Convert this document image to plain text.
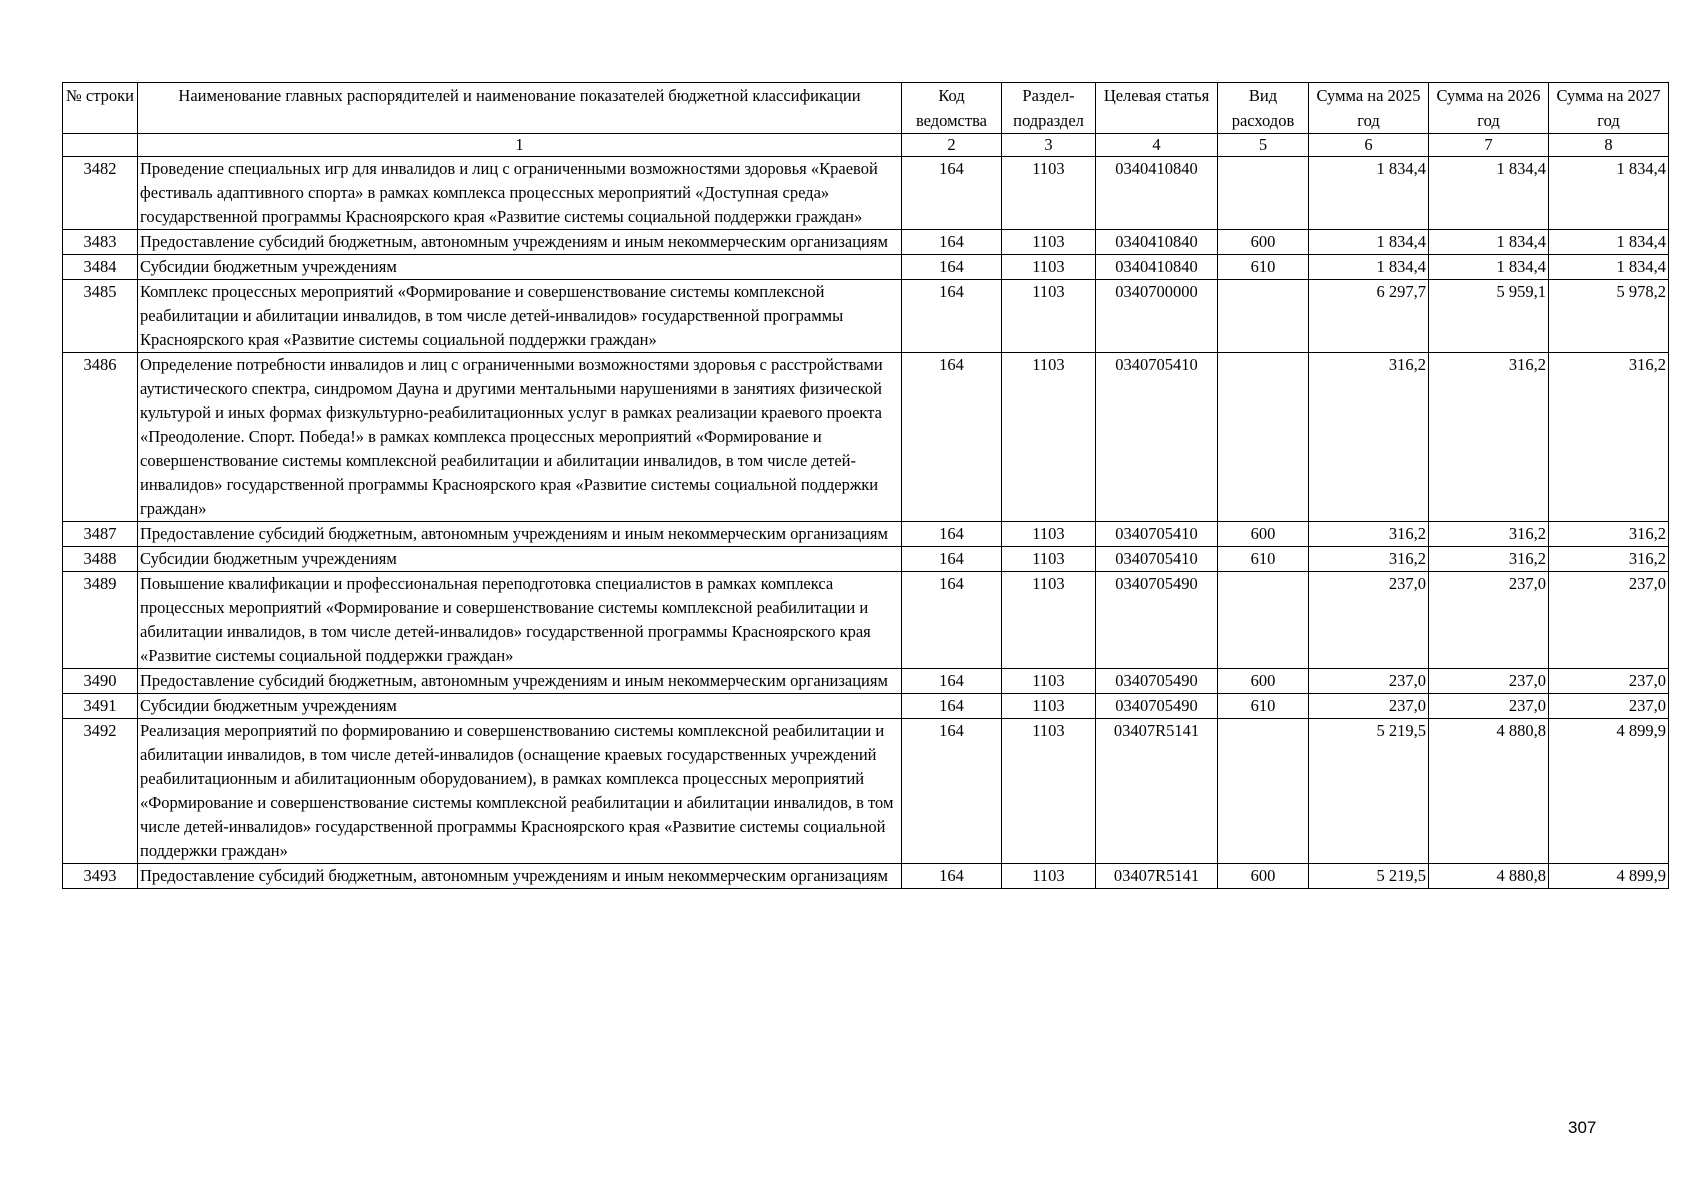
№ строки	Наименование главных распорядителей и наименование показателей бюджетной классификации	Код ведомства	Раздел-подраздел	Целевая статья	Вид расходов	Сумма на 2025 год	Сумма на 2026 год	Сумма на 2027 год
	1	2	3	4	5	6	7	8
3482	Проведение специальных игр для инвалидов и лиц с ограниченными возможностями здоровья «Краевой фестиваль адаптивного спорта» в рамках комплекса процессных мероприятий «Доступная среда» государственной программы Красноярского края «Развитие системы социальной поддержки граждан»	164	1103	0340410840		1 834,4	1 834,4	1 834,4
3483	Предоставление субсидий бюджетным, автономным учреждениям и иным некоммерческим организациям	164	1103	0340410840	600	1 834,4	1 834,4	1 834,4
3484	Субсидии бюджетным учреждениям	164	1103	0340410840	610	1 834,4	1 834,4	1 834,4
3485	Комплекс процессных мероприятий «Формирование и совершенствование системы комплексной реабилитации и абилитации инвалидов, в том числе детей-инвалидов» государственной программы Красноярского края «Развитие системы социальной поддержки граждан»	164	1103	0340700000		6 297,7	5 959,1	5 978,2
3486	Определение потребности инвалидов и лиц с ограниченными возможностями здоровья с расстройствами аутистического спектра, синдромом Дауна и другими ментальными нарушениями в занятиях физической культурой и иных формах физкультурно-реабилитационных услуг в рамках реализации краевого проекта «Преодоление. Спорт. Победа!» в рамках комплекса процессных мероприятий «Формирование и совершенствование системы комплексной реабилитации и абилитации инвалидов, в том числе детей-инвалидов» государственной программы Красноярского края «Развитие системы социальной поддержки граждан»	164	1103	0340705410		316,2	316,2	316,2
3487	Предоставление субсидий бюджетным, автономным учреждениям и иным некоммерческим организациям	164	1103	0340705410	600	316,2	316,2	316,2
3488	Субсидии бюджетным учреждениям	164	1103	0340705410	610	316,2	316,2	316,2
3489	Повышение квалификации и профессиональная переподготовка специалистов в рамках комплекса процессных мероприятий «Формирование и совершенствование системы комплексной реабилитации и абилитации инвалидов, в том числе детей-инвалидов» государственной программы Красноярского края «Развитие системы социальной поддержки граждан»	164	1103	0340705490		237,0	237,0	237,0
3490	Предоставление субсидий бюджетным, автономным учреждениям и иным некоммерческим организациям	164	1103	0340705490	600	237,0	237,0	237,0
3491	Субсидии бюджетным учреждениям	164	1103	0340705490	610	237,0	237,0	237,0
3492	Реализация мероприятий по формированию и совершенствованию системы комплексной реабилитации и абилитации инвалидов, в том числе детей-инвалидов (оснащение краевых государственных учреждений реабилитационным и абилитационным оборудованием), в рамках комплекса процессных мероприятий «Формирование и совершенствование системы комплексной реабилитации и абилитации инвалидов, в том числе детей-инвалидов» государственной программы Красноярского края «Развитие системы социальной поддержки граждан»	164	1103	03407R5141		5 219,5	4 880,8	4 899,9
3493	Предоставление субсидий бюджетным, автономным учреждениям и иным некоммерческим организациям	164	1103	03407R5141	600	5 219,5	4 880,8	4 899,9
307
